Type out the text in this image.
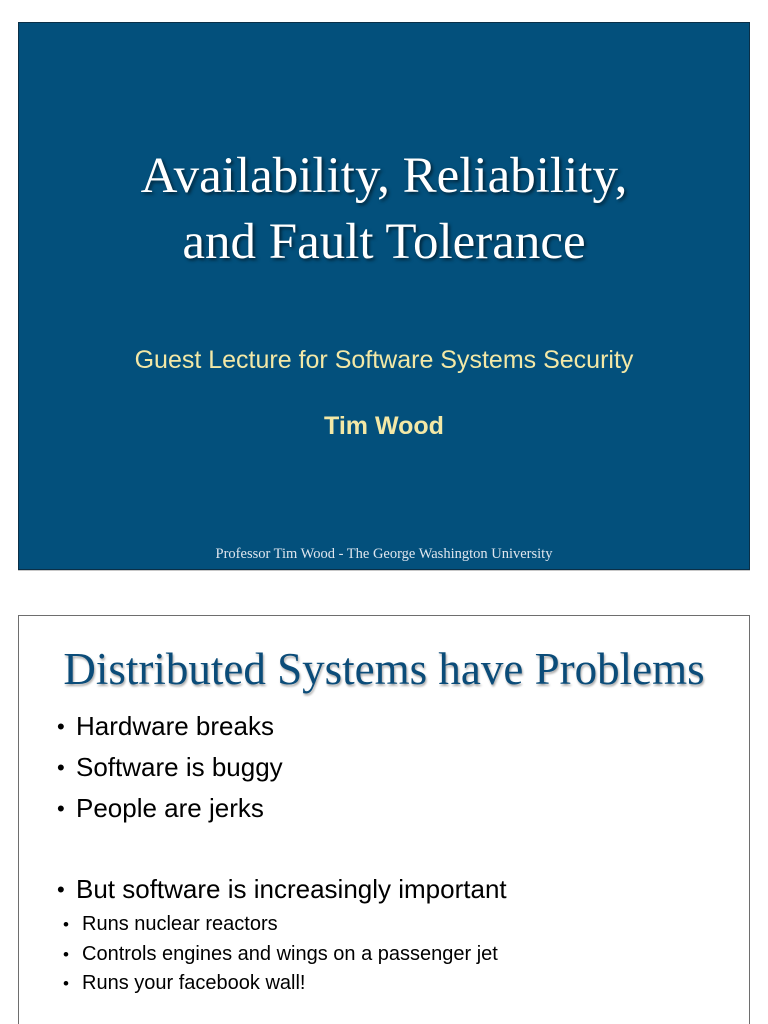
Availability, Reliability,
and Fault Tolerance
Guest Lecture for Software Systems Security
Tim Wood
Professor Tim Wood - The George Washington University
Distributed Systems have Problems
• Hardware breaks
• Software is buggy
• People are jerks
• But software is increasingly important
• Runs nuclear reactors
• Controls engines and wings on a passenger jet
• Runs your facebook wall!
